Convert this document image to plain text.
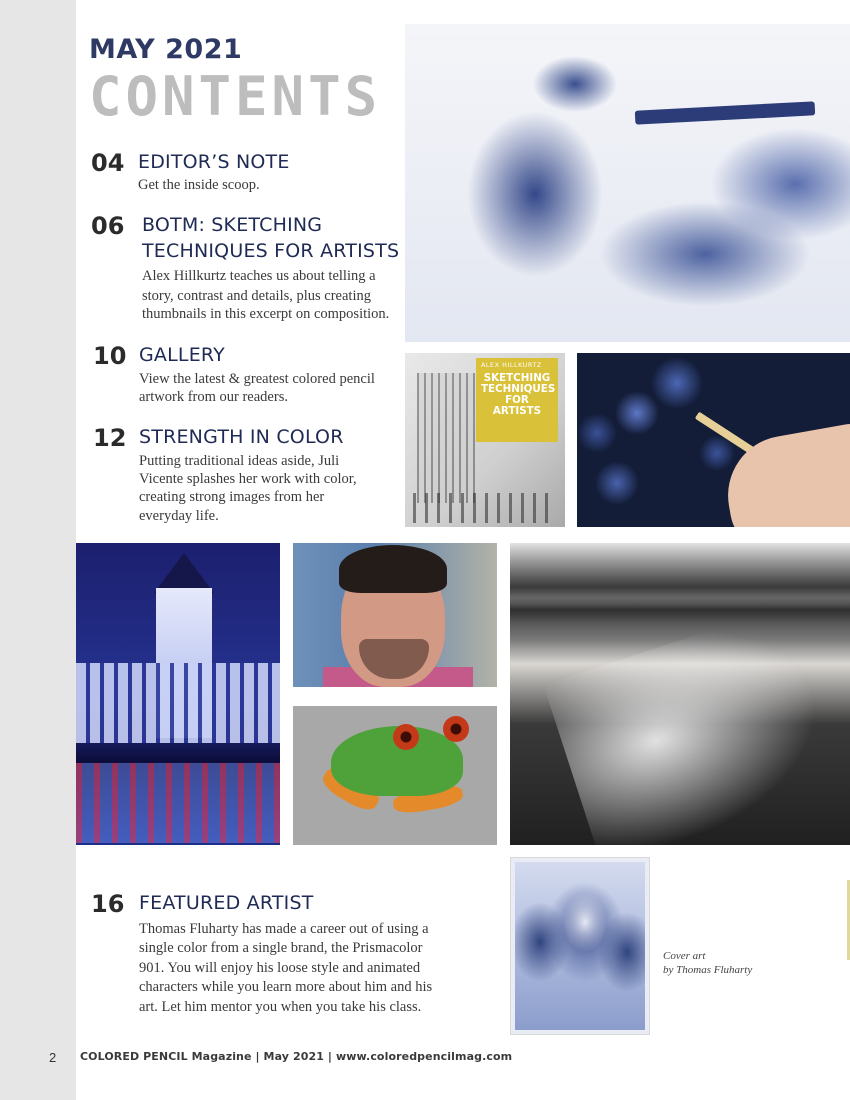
MAY 2021
CONTENTS
04 EDITOR’S NOTE
Get the inside scoop.
06 BOTM: SKETCHING
TECHNIQUES FOR ARTISTS
Alex Hillkurtz teaches us about telling a
story, contrast and details, plus creating
thumbnails in this excerpt on composition.
10 GALLERY
View the latest & greatest colored pencil
artwork from our readers.
12 STRENGTH IN COLOR
Putting traditional ideas aside, Juli
Vicente splashes her work with color,
creating strong images from her
everyday life.
ALEX HILLKURTZ
SKETCHING
TECHNIQUES
FOR ARTISTS
16 FEATURED ARTIST
Thomas Fluharty has made a career out of using a
single color from a single brand, the Prismacolor
901. You will enjoy his loose style and animated
characters while you learn more about him and his
art. Let him mentor you when you take his class.
Cover art
by Thomas Fluharty
2 COLORED PENCIL Magazine | May 2021 | www.coloredpencilmag.com
